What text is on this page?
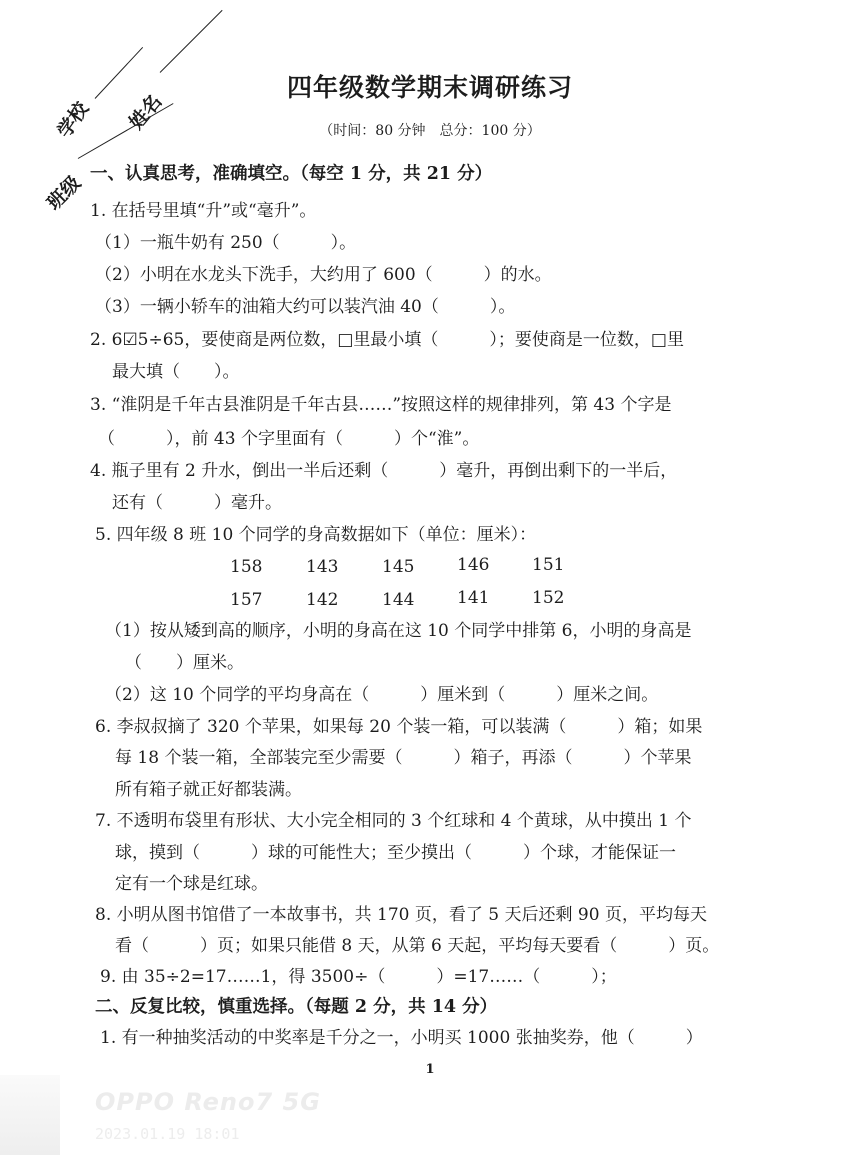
学校 姓名
班级
四年级数学期末调研练习
（时间：80 分钟　总分：100 分）
一、认真思考，准确填空。（每空 1 分，共 21 分）
1. 在括号里填“升”或“毫升”。
（1）一瓶牛奶有 250（　　　）。
（2）小明在水龙头下洗手，大约用了 600（　　　）的水。
（3）一辆小轿车的油箱大约可以装汽油 40（　　　）。
2. 6☑5÷65，要使商是两位数，□里最小填（　　　）；要使商是一位数，□里
最大填（　　）。
3. “淮阴是千年古县淮阴是千年古县……”按照这样的规律排列，第 43 个字是
（　　　），前 43 个字里面有（　　　）个“淮”。
4. 瓶子里有 2 升水，倒出一半后还剩（　　　）毫升，再倒出剩下的一半后，
还有（　　　）毫升。
5. 四年级 8 班 10 个同学的身高数据如下（单位：厘米）：
158	143	145	146	151
157	142	144	141	152
（1）按从矮到高的顺序，小明的身高在这 10 个同学中排第 6，小明的身高是
（　　）厘米。
（2）这 10 个同学的平均身高在（　　　）厘米到（　　　）厘米之间。
6. 李叔叔摘了 320 个苹果，如果每 20 个装一箱，可以装满（　　　）箱；如果
每 18 个装一箱，全部装完至少需要（　　　）箱子，再添（　　　）个苹果
所有箱子就正好都装满。
7. 不透明布袋里有形状、大小完全相同的 3 个红球和 4 个黄球，从中摸出 1 个
球，摸到（　　　）球的可能性大；至少摸出（　　　）个球，才能保证一
定有一个球是红球。
8. 小明从图书馆借了一本故事书，共 170 页，看了 5 天后还剩 90 页，平均每天
看（　　　）页；如果只能借 8 天，从第 6 天起，平均每天要看（　　　）页。
9. 由 35÷2=17……1，得 3500÷（　　　）=17……（　　　）；
二、反复比较，慎重选择。（每题 2 分，共 14 分）
1. 有一种抽奖活动的中奖率是千分之一，小明买 1000 张抽奖券，他（　　　）
1
OPPO Reno7 5G
2023.01.19 18:01
